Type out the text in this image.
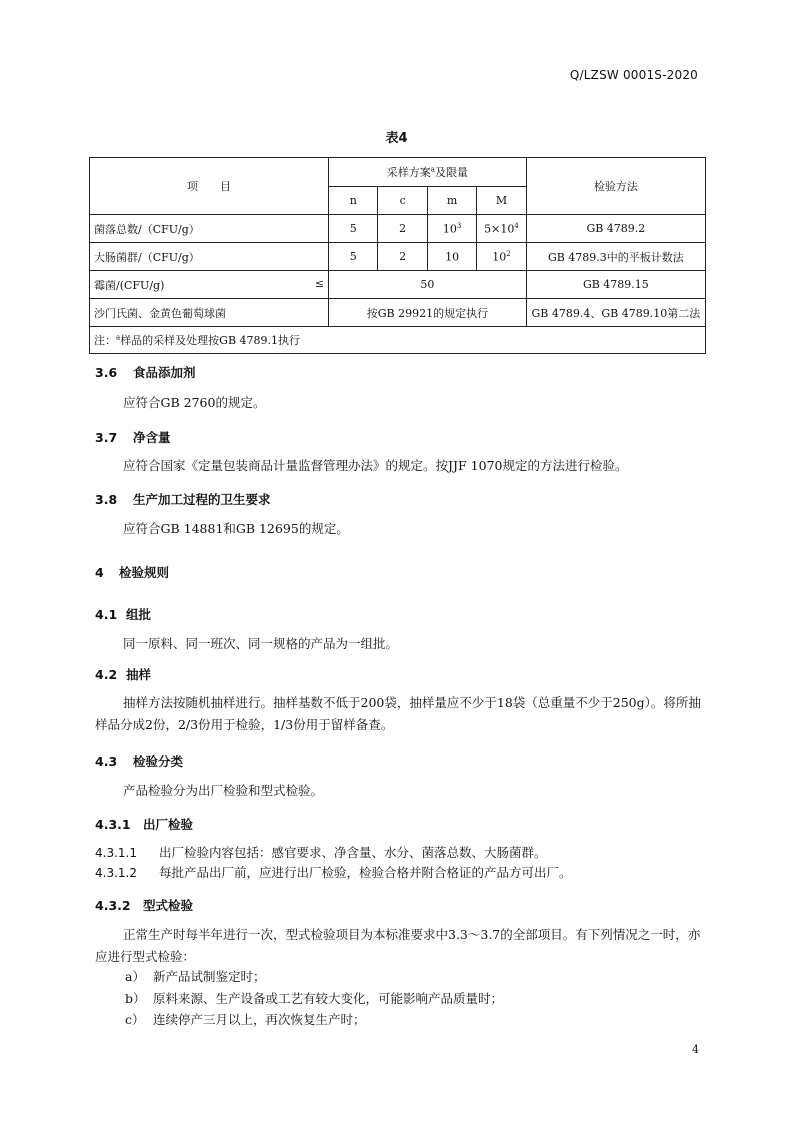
Q/LZSW 0001S-2020
表4
项　　目	采样方案$^a$及限量				检验方法
	n	c	m	M	
菌落总数/（CFU/g）	5	2	$10^3$	$5\times 10^4$	GB 4789.2
大肠菌群/（CFU/g）	5	2	10	$10^2$	GB 4789.3中的平板计数法
霉菌/(CFU/g) ≤	50				GB 4789.15
沙门氏菌、金黄色葡萄球菌	按GB 29921的规定执行				GB 4789.4、GB 4789.10第二法
注：$^a$样品的采样及处理按GB 4789.1执行					
3.6 食品添加剂
应符合GB 2760的规定。
3.7 净含量
应符合国家《定量包装商品计量监督管理办法》的规定。按JJF 1070规定的方法进行检验。
3.8 生产加工过程的卫生要求
应符合GB 14881和GB 12695的规定。
4 检验规则
4.1 组批
同一原料、同一班次、同一规格的产品为一组批。
4.2 抽样
抽样方法按随机抽样进行。抽样基数不低于200袋，抽样量应不少于18袋（总重量不少于250g）。将所抽样品分成2份，2/3份用于检验，1/3份用于留样备查。
4.3 检验分类
产品检验分为出厂检验和型式检验。
4.3.1 出厂检验
4.3.1.1 出厂检验内容包括：感官要求、净含量、水分、菌落总数、大肠菌群。
4.3.1.2 每批产品出厂前，应进行出厂检验，检验合格并附合格证的产品方可出厂。
4.3.2 型式检验
正常生产时每半年进行一次，型式检验项目为本标准要求中3.3～3.7的全部项目。有下列情况之一时，亦应进行型式检验：
a） 新产品试制鉴定时；
b） 原料来源、生产设备或工艺有较大变化，可能影响产品质量时；
c） 连续停产三月以上，再次恢复生产时；
4
